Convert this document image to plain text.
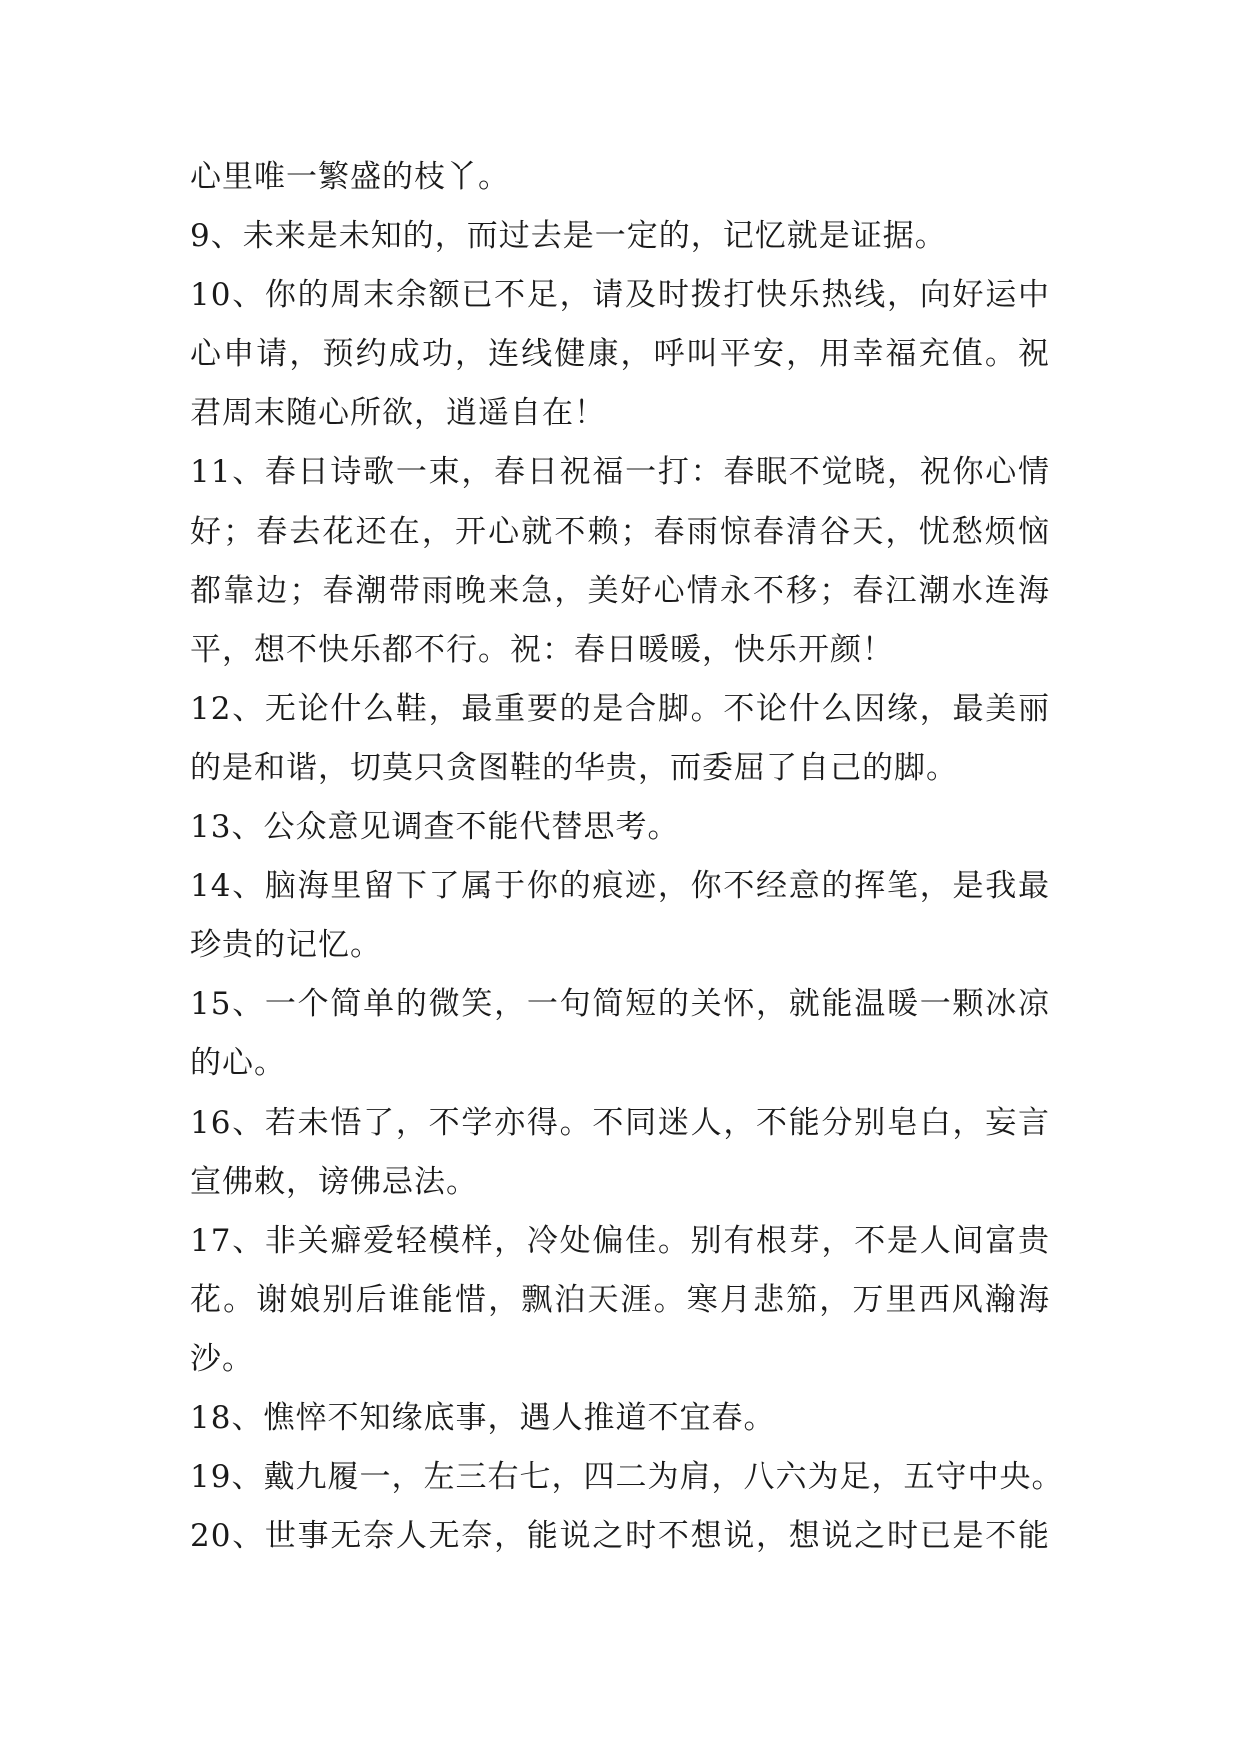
心里唯一繁盛的枝丫。
9、未来是未知的，而过去是一定的，记忆就是证据。
10、你的周末余额已不足，请及时拨打快乐热线，向好运中
心申请，预约成功，连线健康，呼叫平安，用幸福充值。祝
君周末随心所欲，逍遥自在！
11、春日诗歌一束，春日祝福一打：春眠不觉晓，祝你心情
好；春去花还在，开心就不赖；春雨惊春清谷天，忧愁烦恼
都靠边；春潮带雨晚来急，美好心情永不移；春江潮水连海
平，想不快乐都不行。祝：春日暖暖，快乐开颜！
12、无论什么鞋，最重要的是合脚。不论什么因缘，最美丽
的是和谐，切莫只贪图鞋的华贵，而委屈了自己的脚。
13、公众意见调查不能代替思考。
14、脑海里留下了属于你的痕迹，你不经意的挥笔，是我最
珍贵的记忆。
15、一个简单的微笑，一句简短的关怀，就能温暖一颗冰凉
的心。
16、若未悟了，不学亦得。不同迷人，不能分别皂白，妄言
宣佛敕，谤佛忌法。
17、非关癖爱轻模样，冷处偏佳。别有根芽，不是人间富贵
花。谢娘别后谁能惜，飘泊天涯。寒月悲笳，万里西风瀚海
沙。
18、憔悴不知缘底事，遇人推道不宜春。
19、戴九履一，左三右七，四二为肩，八六为足，五守中央。
20、世事无奈人无奈，能说之时不想说，想说之时已是不能
